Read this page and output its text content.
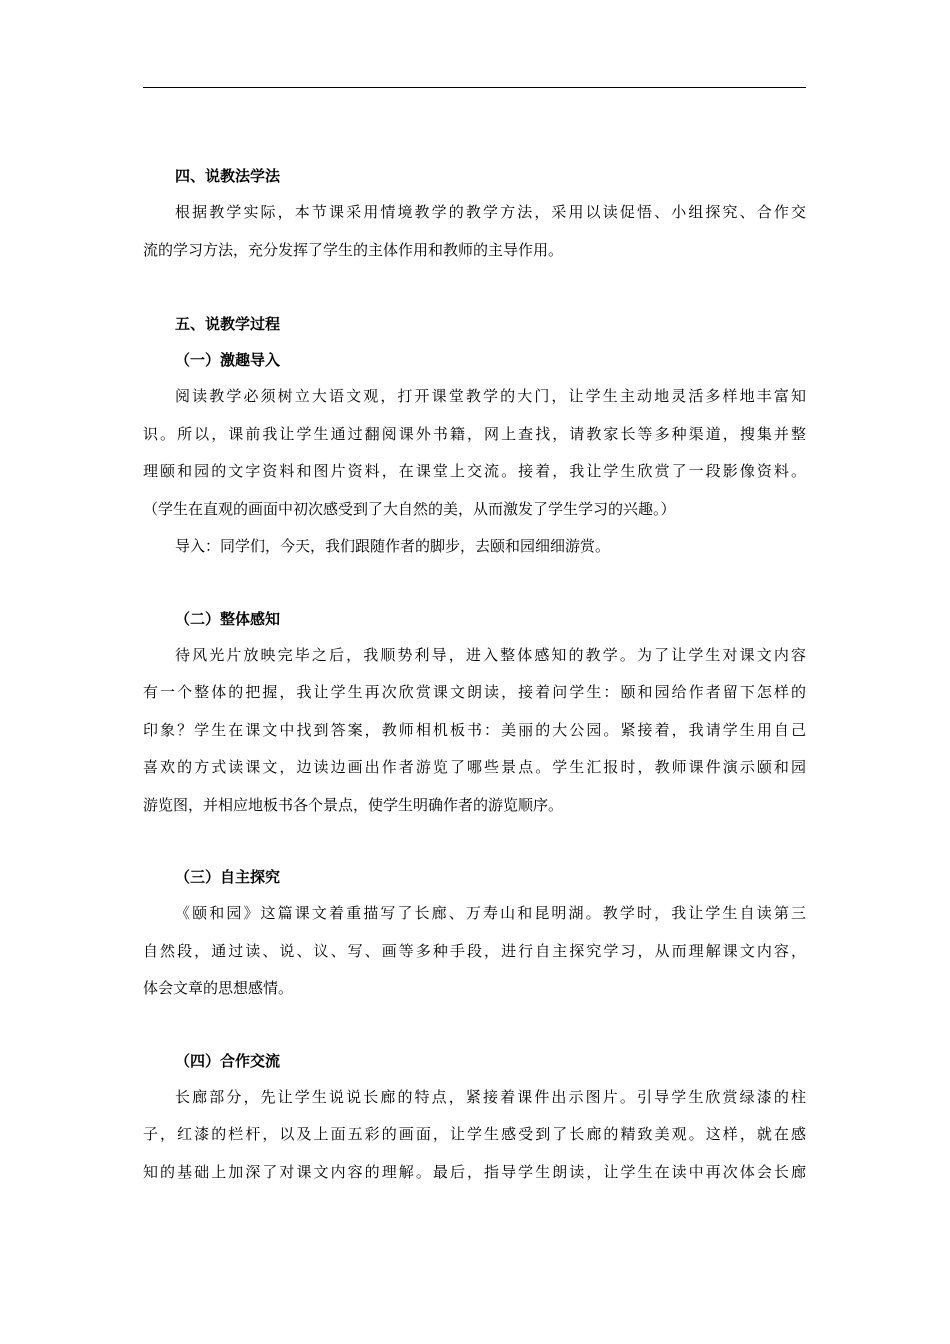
四、说教法学法
根据教学实际，本节课采用情境教学的教学方法，采用以读促悟、小组探究、合作交
流的学习方法，充分发挥了学生的主体作用和教师的主导作用。
五、说教学过程
（一）激趣导入
阅读教学必须树立大语文观，打开课堂教学的大门，让学生主动地灵活多样地丰富知
识。所以，课前我让学生通过翻阅课外书籍，网上查找，请教家长等多种渠道，搜集并整
理颐和园的文字资料和图片资料，在课堂上交流。接着，我让学生欣赏了一段影像资料。
（学生在直观的画面中初次感受到了大自然的美，从而激发了学生学习的兴趣。）
导入：同学们，今天，我们跟随作者的脚步，去颐和园细细游赏。
（二）整体感知
待风光片放映完毕之后，我顺势利导，进入整体感知的教学。为了让学生对课文内容
有一个整体的把握，我让学生再次欣赏课文朗读，接着问学生：颐和园给作者留下怎样的
印象？学生在课文中找到答案，教师相机板书：美丽的大公园。紧接着，我请学生用自己
喜欢的方式读课文，边读边画出作者游览了哪些景点。学生汇报时，教师课件演示颐和园
游览图，并相应地板书各个景点，使学生明确作者的游览顺序。
（三）自主探究
《颐和园》这篇课文着重描写了长廊、万寿山和昆明湖。教学时，我让学生自读第三
自然段，通过读、说、议、写、画等多种手段，进行自主探究学习，从而理解课文内容，
体会文章的思想感情。
（四）合作交流
长廊部分，先让学生说说长廊的特点，紧接着课件出示图片。引导学生欣赏绿漆的柱
子，红漆的栏杆，以及上面五彩的画面，让学生感受到了长廊的精致美观。这样，就在感
知的基础上加深了对课文内容的理解。最后，指导学生朗读，让学生在读中再次体会长廊
